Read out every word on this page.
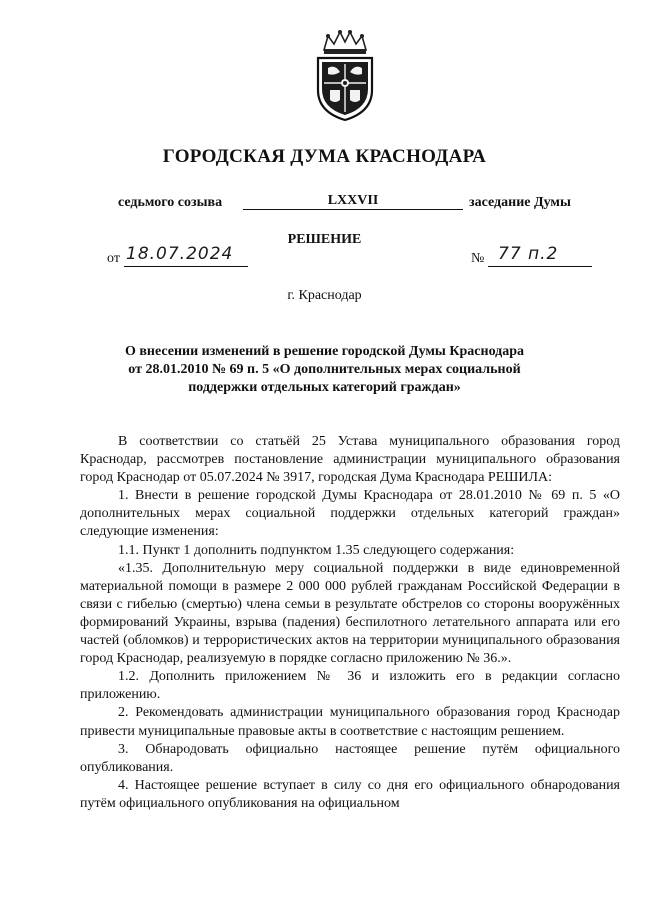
ГОРОДСКАЯ ДУМА КРАСНОДАРА
седьмого созыва	LXXVII	заседание Думы
РЕШЕНИЕ
от 18.07.2024	№ 77 п.2
г. Краснодар
О внесении изменений в решение городской Думы Краснодара
от 28.01.2010 № 69 п. 5 «О дополнительных мерах социальной
поддержки отдельных категорий граждан»

В соответствии со статьёй 25 Устава муниципального образования город Краснодар, рассмотрев постановление администрации муниципального образования город Краснодар от 05.07.2024 № 3917, городская Дума Краснодара РЕШИЛА:

1. Внести в решение городской Думы Краснодара от 28.01.2010 № 69 п. 5 «О дополнительных мерах социальной поддержки отдельных категорий граждан» следующие изменения:

1.1. Пункт 1 дополнить подпунктом 1.35 следующего содержания:

«1.35. Дополнительную меру социальной поддержки в виде единовременной материальной помощи в размере 2 000 000 рублей гражданам Российской Федерации в связи с гибелью (смертью) члена семьи в результате обстрелов со стороны вооружённых формирований Украины, взрыва (падения) беспилотного летательного аппарата или его частей (обломков) и террористических актов на территории муниципального образования город Краснодар, реализуемую в порядке согласно приложению № 36.».

1.2. Дополнить приложением № 36 и изложить его в редакции согласно приложению.

2. Рекомендовать администрации муниципального образования город Краснодар привести муниципальные правовые акты в соответствие с настоящим решением.

3. Обнародовать официально настоящее решение путём официального опубликования.

4. Настоящее решение вступает в силу со дня его официального обнародования путём официального опубликования на официальном
